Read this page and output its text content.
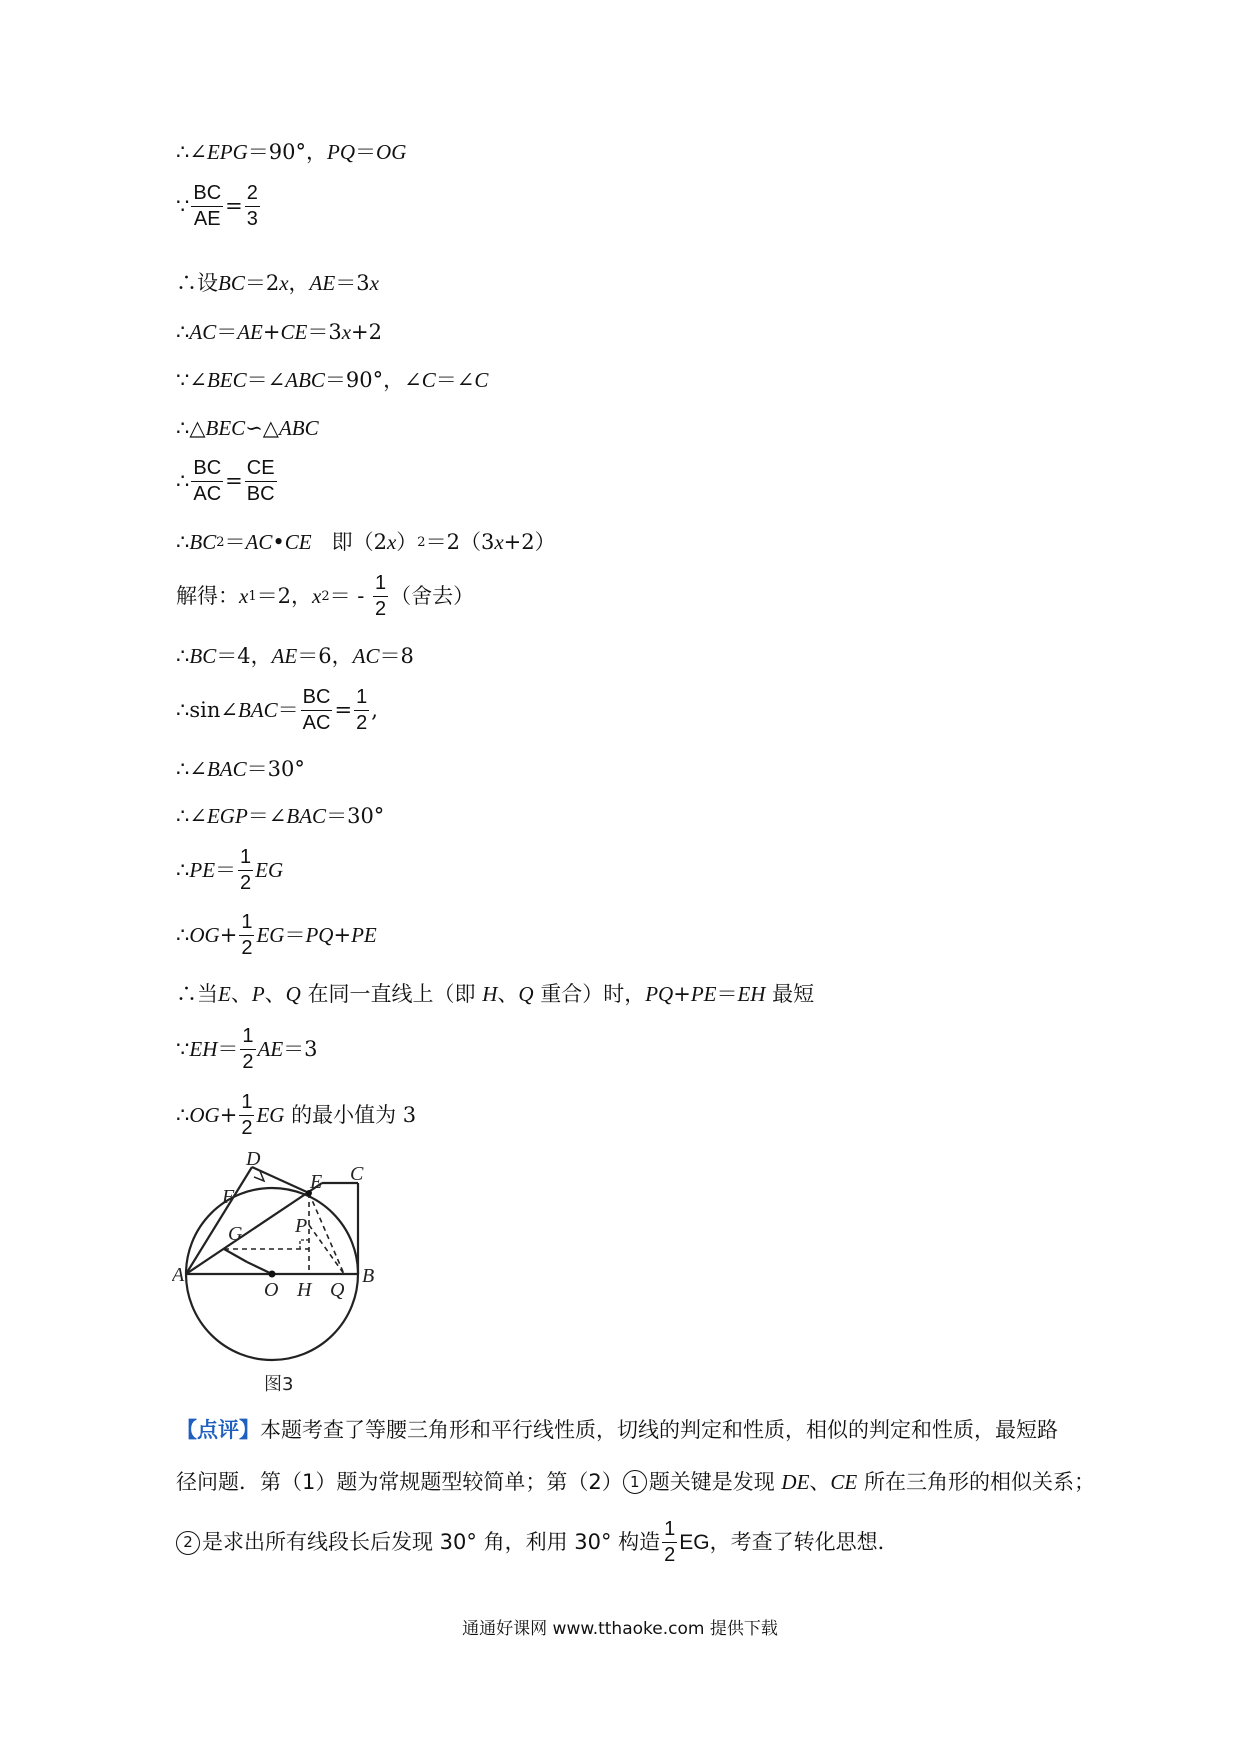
∴∠ EPG ＝90°， PQ ＝ OG
∵ $\frac{BC}{AE} = \frac{2}{3}$
∴设 BC ＝2 x ， AE ＝3 x
∴ AC ＝ AE + CE ＝3 x +2
∵∠ BEC ＝∠ ABC ＝90°，∠ C ＝∠ C
∴△ BEC ∽△ ABC
∴ $\frac{BC}{AC} = \frac{CE}{BC}$
∴ BC 2 ＝ AC • CE 即（2 x ） 2 ＝2（3 x +2）
解得： x 1 ＝2， x 2 ＝ - $\frac{1}{2}$ （舍去）
∴ BC ＝4， AE ＝6， AC ＝8
∴sin∠ BAC ＝ $\frac{BC}{AC} = \frac{1}{2}$ ,
∴∠ BAC ＝30°
∴∠ EGP ＝∠ BAC ＝30°
∴ PE ＝ $\frac{1}{2}$ EG
∴ OG + $\frac{1}{2}$ EG ＝ PQ + PE
∴当 E 、 P 、 Q 在同一直线上（即 H 、 Q 重合）时， PQ + PE ＝ EH 最短
∵ EH ＝ $\frac{1}{2}$ AE ＝3
∴ OG + $\frac{1}{2}$ EG 的最小值为 3
A	B
C
D
E
F
G
H
O
P
Q
图3
【点评】 本题考查了等腰三角形和平行线性质，切线的判定和性质，相似的判定和性质，最短路
径问题．第（1）题为常规题型较简单；第（2） 1 题关键是发现 DE 、 CE 所在三角形的相似关系；
2 是求出所有线段长后发现 30° 角，利用 30° 构造 $\frac{1}{2}$ EG ，考查了转化思想．
通通好课网 www.tthaoke.com 提供下载
